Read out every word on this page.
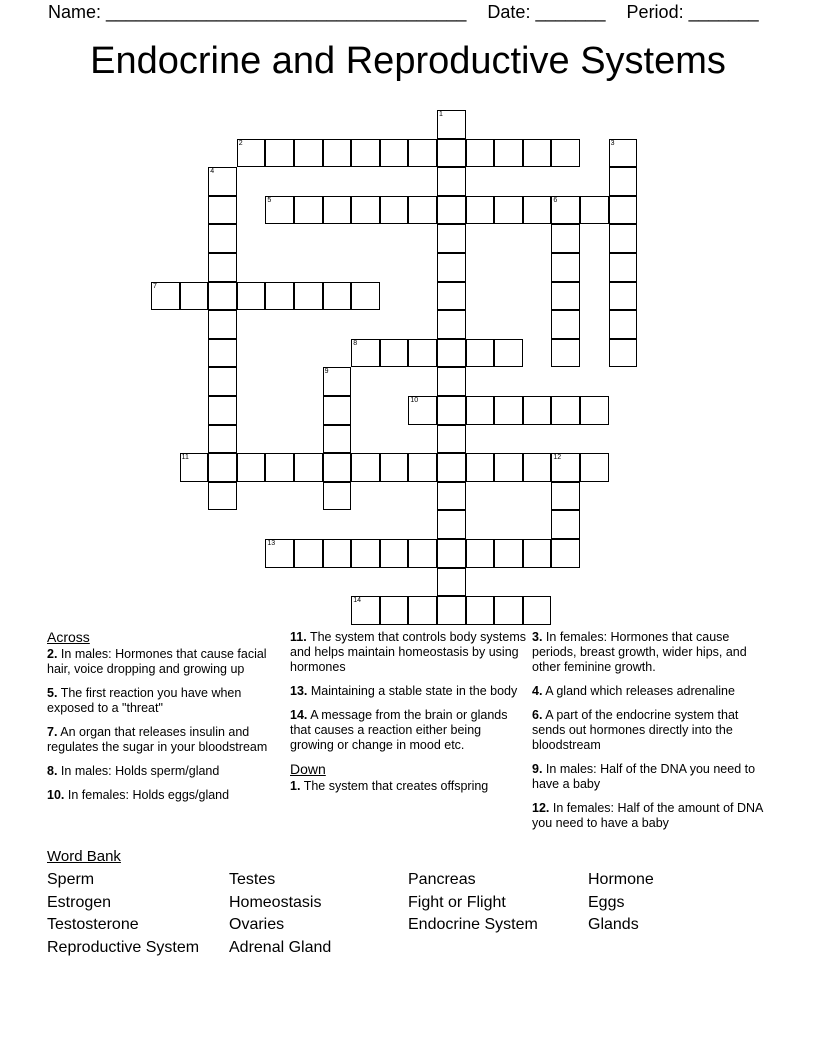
Name: ____________________________________ Date: _______ Period: _______
Endocrine and Reproductive Systems
1
2	3
4
5	6
7
8
9
10
11	12
13
14
Across
2. In males: Hormones that cause facial hair, voice dropping and growing up
5. The first reaction you have when exposed to a "threat"
7. An organ that releases insulin and regulates the sugar in your bloodstream
8. In males: Holds sperm/gland
10. In females: Holds eggs/gland
11. The system that controls body systems and helps maintain homeostasis by using hormones
13. Maintaining a stable state in the body
14. A message from the brain or glands that causes a reaction either being growing or change in mood etc.
Down
1. The system that creates offspring
3. In females: Hormones that cause periods, breast growth, wider hips, and other feminine growth.
4. A gland which releases adrenaline
6. A part of the endocrine system that sends out hormones directly into the bloodstream
9. In males: Half of the DNA you need to have a baby
12. In females: Half of the amount of DNA you need to have a baby
Word Bank
Sperm	Testes	Pancreas	Hormone
Estrogen	Homeostasis	Fight or Flight	Eggs
Testosterone	Ovaries	Endocrine System	Glands
Reproductive System	Adrenal Gland
